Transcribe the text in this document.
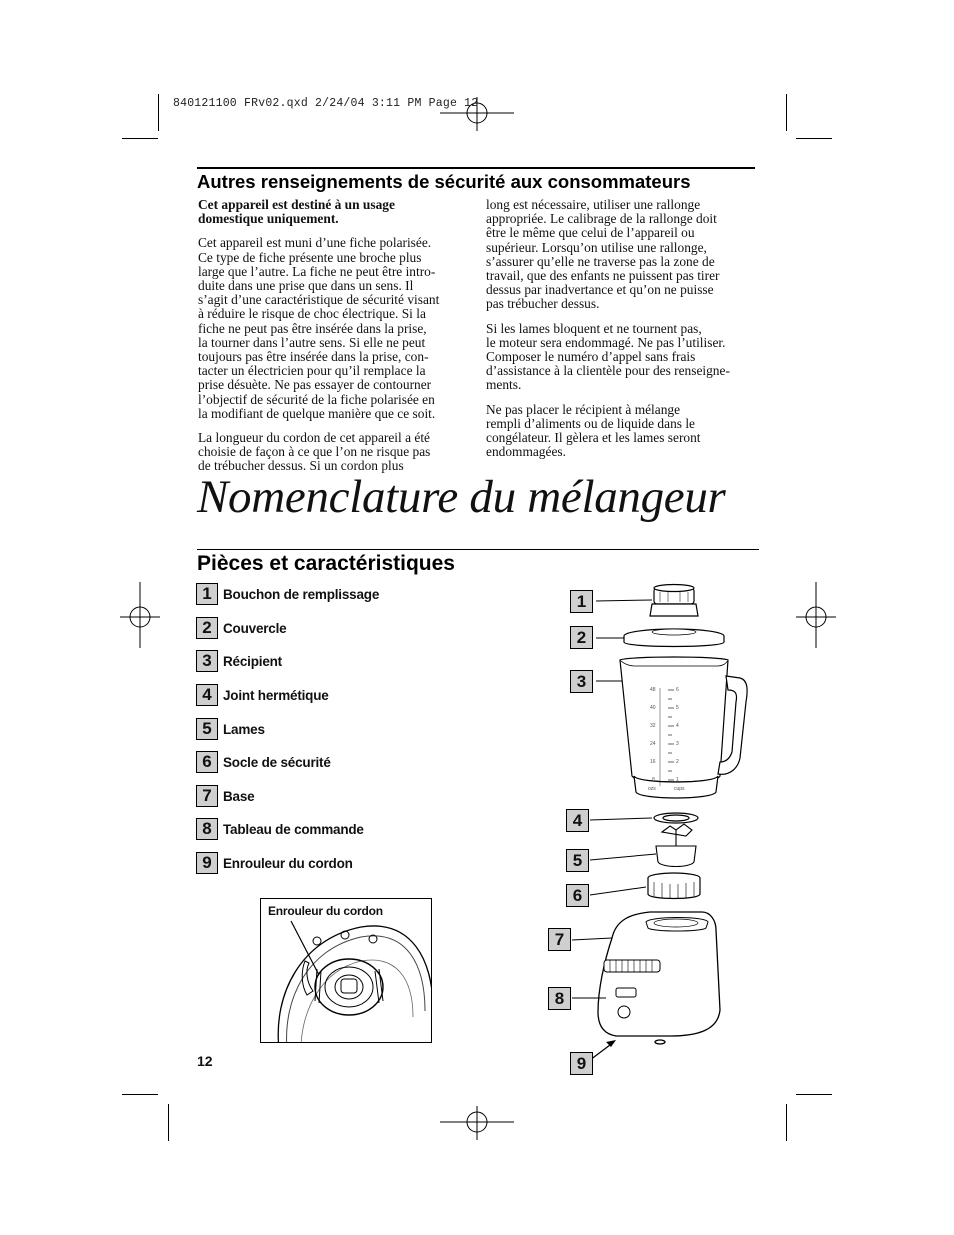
840121100 FRv02.qxd 2/24/04 3:11 PM Page 12
Autres renseignements de sécurité aux consommateurs

Cet appareil est destiné à un usage
domestique uniquement.

Cet appareil est muni d’une fiche polarisée.
Ce type de fiche présente une broche plus
large que l’autre. La fiche ne peut être intro-
duite dans une prise que dans un sens. Il
s’agit d’une caractéristique de sécurité visant
à réduire le risque de choc électrique. Si la
fiche ne peut pas être insérée dans la prise,
la tourner dans l’autre sens. Si elle ne peut
toujours pas être insérée dans la prise, con-
tacter un électricien pour qu’il remplace la
prise désuète. Ne pas essayer de contourner
l’objectif de sécurité de la fiche polarisée en
la modifiant de quelque manière que ce soit.

La longueur du cordon de cet appareil a été
choisie de façon à ce que l’on ne risque pas
de trébucher dessus. Si un cordon plus

long est nécessaire, utiliser une rallonge
appropriée. Le calibrage de la rallonge doit
être le même que celui de l’appareil ou
supérieur. Lorsqu’on utilise une rallonge,
s’assurer qu’elle ne traverse pas la zone de
travail, que des enfants ne puissent pas tirer
dessus par inadvertance et qu’on ne puisse
pas trébucher dessus.

Si les lames bloquent et ne tournent pas,
le moteur sera endommagé. Ne pas l’utiliser.
Composer le numéro d’appel sans frais
d’assistance à la clientèle pour des renseigne-
ments.

Ne pas placer le récipient à mélange
rempli d’aliments ou de liquide dans le
congélateur. Il gèlera et les lames seront
endommagées.

Nomenclature du mélangeur
Pièces et caractéristiques
1 Bouchon de remplissage
2 Couvercle
3 Récipient
4 Joint hermétique
5 Lames
6 Socle de sécurité
7 Base
8 Tableau de commande
9 Enrouleur du cordon
Enrouleur du cordon
48
40
32
24
16
8
ozs
6
5
4
3
2
1
cups
1
2
3
4
5
6
7
8
9
12
